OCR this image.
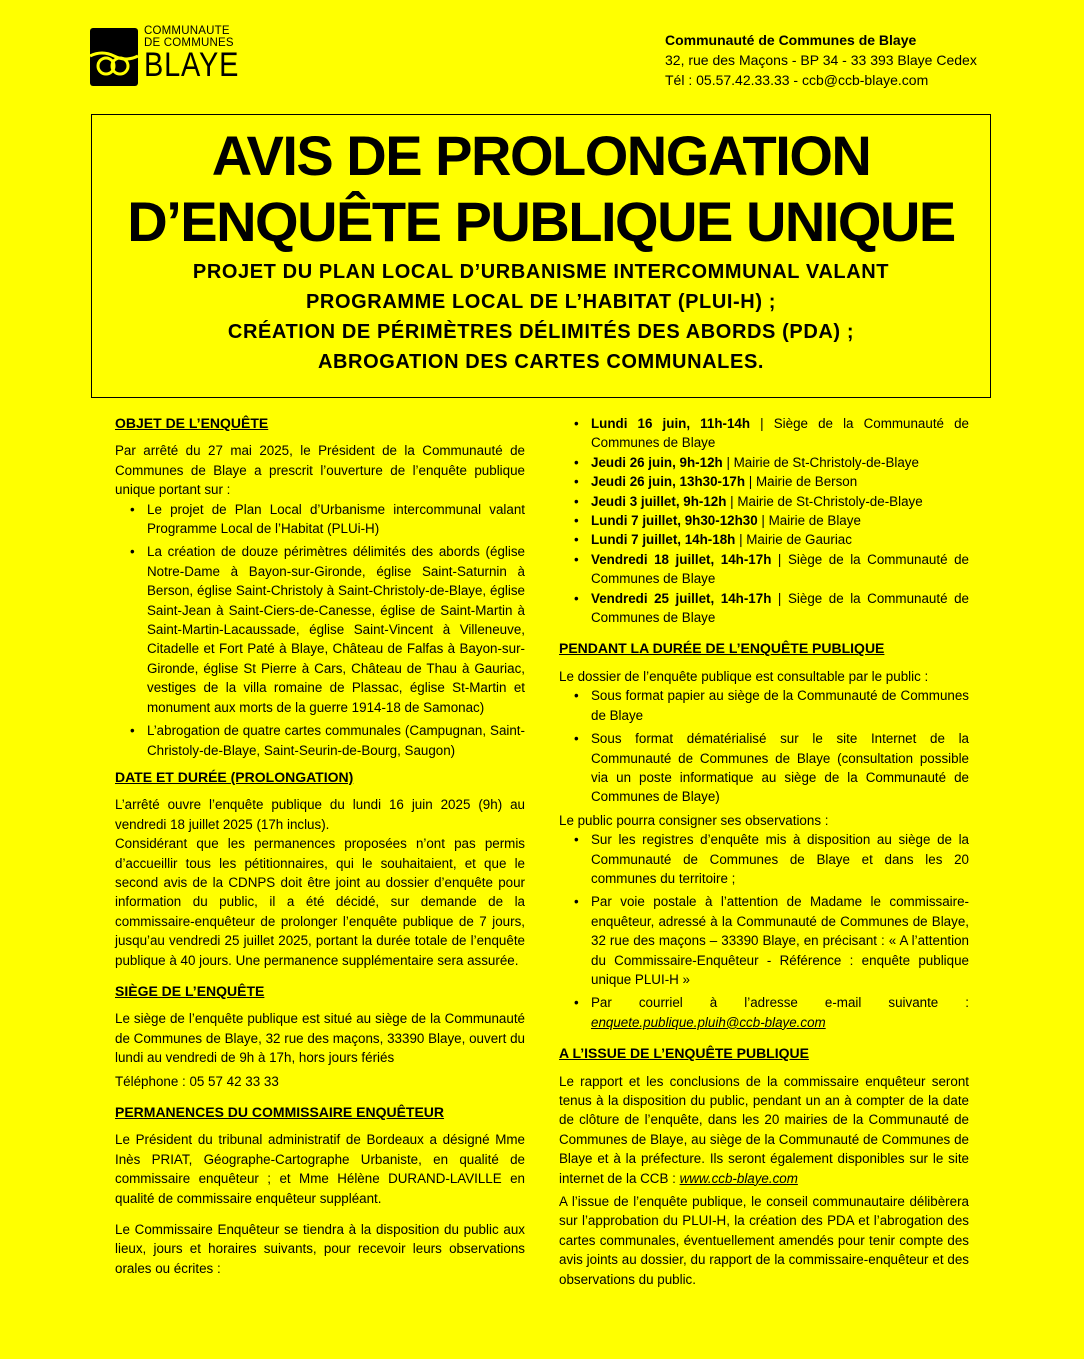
COMMUNAUTE
DE COMMUNES
BLAYE
Communauté de Communes de Blaye
32, rue des Maçons - BP 34 - 33 393 Blaye Cedex
Tél : 05.57.42.33.33 - ccb@ccb-blaye.com
AVIS DE PROLONGATION
D’ENQUÊTE PUBLIQUE UNIQUE
PROJET DU PLAN LOCAL D’URBANISME INTERCOMMUNAL VALANT
PROGRAMME LOCAL DE L’HABITAT (PLUI-H) ;
CRÉATION DE PÉRIMÈTRES DÉLIMITÉS DES ABORDS (PDA) ;
ABROGATION DES CARTES COMMUNALES.
OBJET DE L’ENQUÊTE

Par arrêté du 27 mai 2025, le Président de la Communauté de Communes de Blaye a prescrit l’ouverture de l’enquête publique unique portant sur :

• Le projet de Plan Local d’Urbanisme intercommunal valant Programme Local de l’Habitat (PLUi-H)
• La création de douze périmètres délimités des abords (église Notre-Dame à Bayon-sur-Gironde, église Saint-Saturnin à Berson, église Saint-Christoly à Saint-Christoly-de-Blaye, église Saint-Jean à Saint-Ciers-de-Canesse, église de Saint-Martin à Saint-Martin-Lacaussade, église Saint-Vincent à Villeneuve, Citadelle et Fort Paté à Blaye, Château de Falfas à Bayon-sur-Gironde, église St Pierre à Cars, Château de Thau à Gauriac, vestiges de la villa romaine de Plassac, église St-Martin et monument aux morts de la guerre 1914-18 de Samonac)
• L’abrogation de quatre cartes communales (Campugnan, Saint-Christoly-de-Blaye, Saint-Seurin-de-Bourg, Saugon)
DATE ET DURÉE (PROLONGATION)

L’arrêté ouvre l’enquête publique du lundi 16 juin 2025 (9h) au vendredi 18 juillet 2025 (17h inclus).

Considérant que les permanences proposées n’ont pas permis d’accueillir tous les pétitionnaires, qui le souhaitaient, et que le second avis de la CDNPS doit être joint au dossier d’enquête pour information du public, il a été décidé, sur demande de la commissaire-enquêteur de prolonger l’enquête publique de 7 jours, jusqu’au vendredi 25 juillet 2025, portant la durée totale de l’enquête publique à 40 jours. Une permanence supplémentaire sera assurée.

SIÈGE DE L’ENQUÊTE

Le siège de l’enquête publique est situé au siège de la Communauté de Communes de Blaye, 32 rue des maçons, 33390 Blaye, ouvert du lundi au vendredi de 9h à 17h, hors jours fériés

Téléphone : 05 57 42 33 33

PERMANENCES DU COMMISSAIRE ENQUÊTEUR

Le Président du tribunal administratif de Bordeaux a désigné Mme Inès PRIAT, Géographe-Cartographe Urbaniste, en qualité de commissaire enquêteur ; et Mme Hélène DURAND-LAVILLE en qualité de commissaire enquêteur suppléant.

Le Commissaire Enquêteur se tiendra à la disposition du public aux lieux, jours et horaires suivants, pour recevoir leurs observations orales ou écrites :

• Lundi 16 juin, 11h-14h | Siège de la Communauté de Communes de Blaye
• Jeudi 26 juin, 9h-12h | Mairie de St-Christoly-de-Blaye
• Jeudi 26 juin, 13h30-17h | Mairie de Berson
• Jeudi 3 juillet, 9h-12h | Mairie de St-Christoly-de-Blaye
• Lundi 7 juillet, 9h30-12h30 | Mairie de Blaye
• Lundi 7 juillet, 14h-18h | Mairie de Gauriac
• Vendredi 18 juillet, 14h-17h | Siège de la Communauté de Communes de Blaye
• Vendredi 25 juillet, 14h-17h | Siège de la Communauté de Communes de Blaye
PENDANT LA DURÉE DE L’ENQUÊTE PUBLIQUE

Le dossier de l’enquête publique est consultable par le public :

• Sous format papier au siège de la Communauté de Communes de Blaye
• Sous format dématérialisé sur le site Internet de la Communauté de Communes de Blaye (consultation possible via un poste informatique au siège de la Communauté de Communes de Blaye)

Le public pourra consigner ses observations :

• Sur les registres d’enquête mis à disposition au siège de la Communauté de Communes de Blaye et dans les 20 communes du territoire ;
• Par voie postale à l’attention de Madame le commissaire-enquêteur, adressé à la Communauté de Communes de Blaye, 32 rue des maçons – 33390 Blaye, en précisant : « A l’attention du Commissaire-Enquêteur - Référence : enquête publique unique PLUI-H »
• Par courriel à l’adresse e-mail suivante : enquete.publique.pluih@ccb-blaye.com
A L’ISSUE DE L’ENQUÊTE PUBLIQUE

Le rapport et les conclusions de la commissaire enquêteur seront tenus à la disposition du public, pendant un an à compter de la date de clôture de l’enquête, dans les 20 mairies de la Communauté de Communes de Blaye, au siège de la Communauté de Communes de Blaye et à la préfecture. Ils seront également disponibles sur le site internet de la CCB : www.ccb-blaye.com

A l’issue de l’enquête publique, le conseil communautaire délibèrera sur l’approbation du PLUI-H, la création des PDA et l’abrogation des cartes communales, éventuellement amendés pour tenir compte des avis joints au dossier, du rapport de la commissaire-enquêteur et des observations du public.
